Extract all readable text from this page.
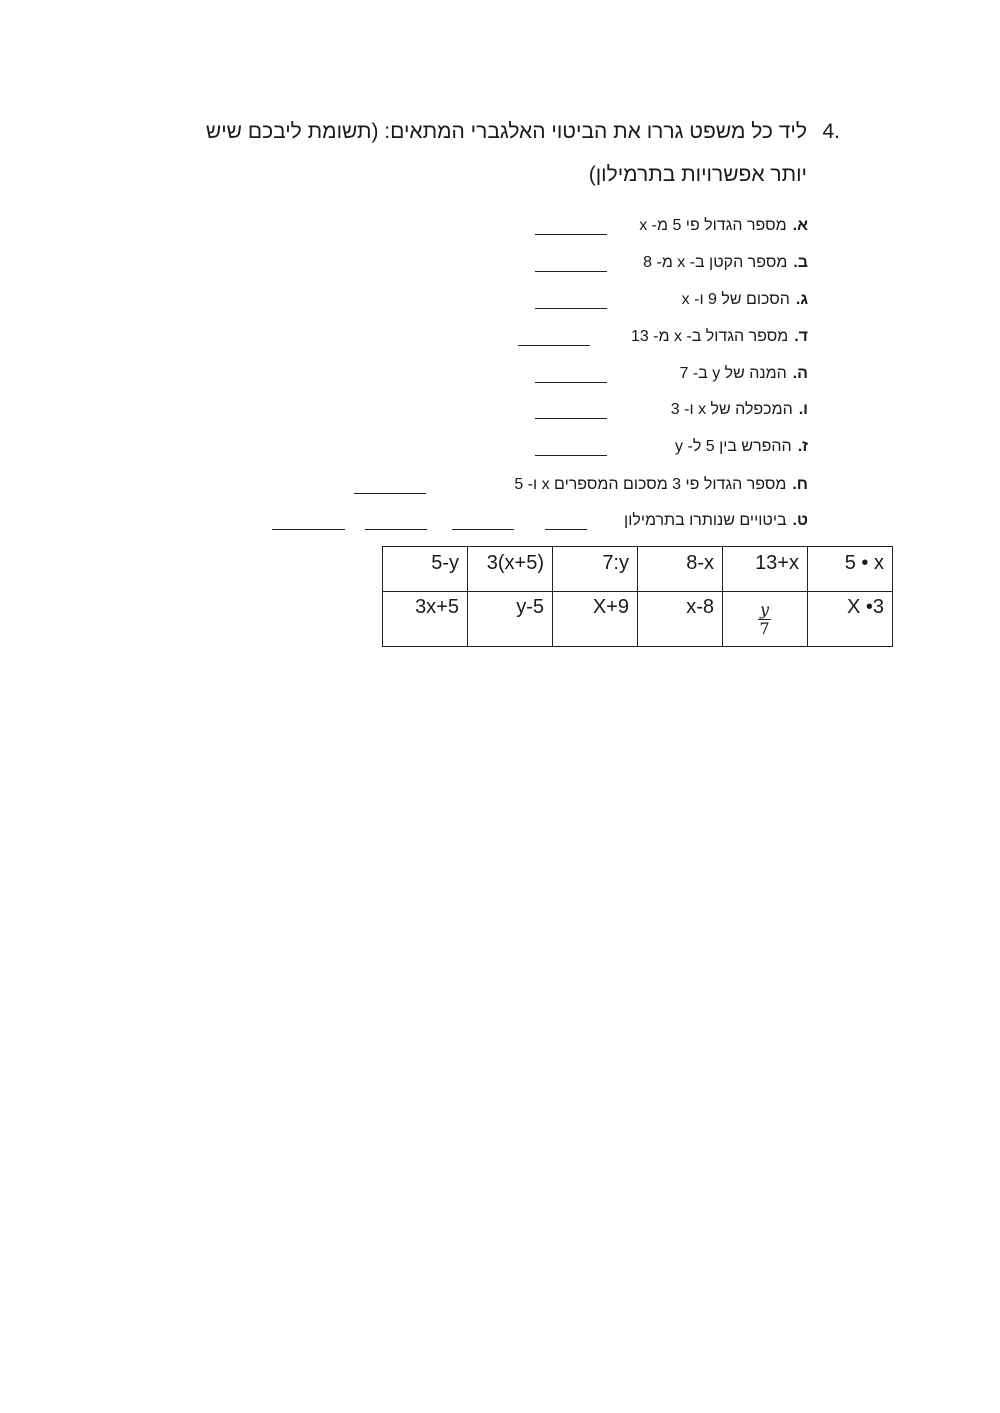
4.
ליד כל משפט גררו את הביטוי האלגברי המתאים: (תשומת ליבכם שיש
יותר אפשרויות בתרמילון)
א.מספר הגדול פי 5 מ- x
ב.מספר הקטן ב- x מ- 8
ג.הסכום של 9 ו- x
ד.מספר הגדול ב- x מ- 13
ה.המנה של y ב- 7
ו.המכפלה של x ו- 3
ז.ההפרש בין 5 ל- y
ח.מספר הגדול פי 3 מסכום המספרים x ו- 5
ט.ביטויים שנותרו בתרמילון
5-y	3(x+5)	7:y	8-x	13+x	5 • x
3x+5	y-5	X+9	x-8	$\frac{y}{7}$	X •3
